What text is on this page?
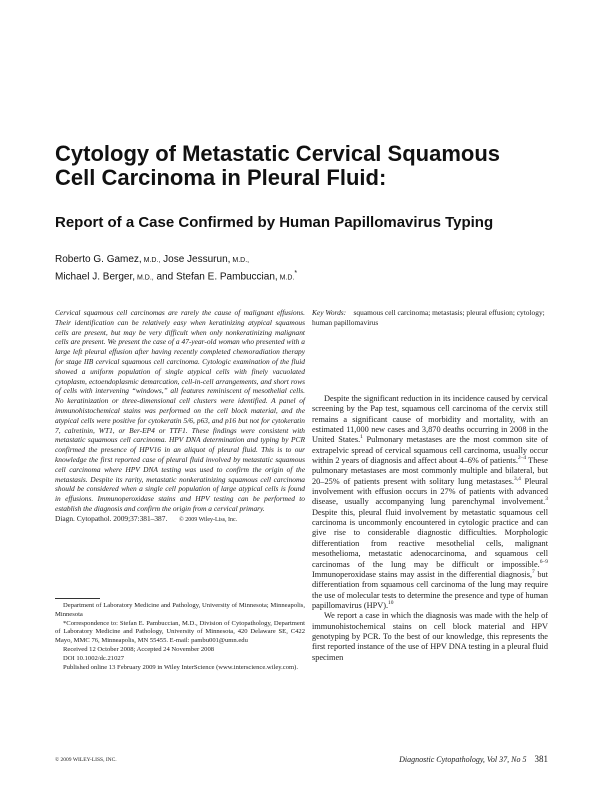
Cytology of Metastatic Cervical Squamous Cell Carcinoma in Pleural Fluid:
Report of a Case Confirmed by Human Papillomavirus Typing
Roberto G. Gamez, M.D., Jose Jessurun, M.D.,
Michael J. Berger, M.D., and Stefan E. Pambuccian, M.D.*
Cervical squamous cell carcinomas are rarely the cause of malignant effusions. Their identification can be relatively easy when keratinizing atypical squamous cells are present, but may be very difficult when only nonkeratinizing malignant cells are present. We present the case of a 47-year-old woman who presented with a large left pleural effusion after having recently completed chemoradiation therapy for stage IIB cervical squamous cell carcinoma. Cytologic examination of the fluid showed a uniform population of single atypical cells with finely vacuolated cytoplasm, ectoendoplasmic demarcation, cell-in-cell arrangements, and short rows of cells with intervening “windows,” all features reminiscent of mesothelial cells. No keratinization or three-dimensional cell clusters were identified. A panel of immunohistochemical stains was performed on the cell block material, and the atypical cells were positive for cytokeratin 5/6, p63, and p16 but not for cytokeratin 7, calretinin, WT1, or Ber-EP4 or TTF1. These findings were consistent with metastatic squamous cell carcinoma. HPV DNA determination and typing by PCR confirmed the presence of HPV16 in an aliquot of pleural fluid. This is to our knowledge the first reported case of pleural fluid involved by metastatic squamous cell carcinoma where HPV DNA testing was used to confirm the origin of the metastasis. Despite its rarity, metastatic nonkeratinizing squamous cell carcinoma should be considered when a single cell population of large atypical cells is found in effusions. Immunoperoxidase stains and HPV testing can be performed to establish the diagnosis and confirm the origin from a cervical primary.
Diagn. Cytopathol. 2009;37:381–387. © 2009 Wiley-Liss, Inc.
Key Words: squamous cell carcinoma; metastasis; pleural effusion; cytology; human papillomavirus

Despite the significant reduction in its incidence caused by cervical screening by the Pap test, squamous cell carcinoma of the cervix still remains a significant cause of morbidity and mortality, with an estimated 11,000 new cases and 3,870 deaths occurring in 2008 in the United States.$^1$ Pulmonary metastases are the most common site of extrapelvic spread of cervical squamous cell carcinoma, usually occur within 2 years of diagnosis and affect about 4–6% of patients.$^{2-4}$ These pulmonary metastases are most commonly multiple and bilateral, but 20–25% of patients present with solitary lung metastases.$^{3,4}$ Pleural involvement with effusion occurs in 27% of patients with advanced disease, usually accompanying lung parenchymal involvement.$^3$ Despite this, pleural fluid involvement by metastatic squamous cell carcinoma is uncommonly encountered in cytologic practice and can give rise to considerable diagnostic difficulties. Morphologic differentiation from reactive mesothelial cells, malignant mesothelioma, metastatic adenocarcinoma, and squamous cell carcinomas of the lung may be difficult or impossible.$^{6-9}$ Immunoperoxidase stains may assist in the differential diagnosis,$^7$ but differentiation from squamous cell carcinoma of the lung may require the use of molecular tests to determine the presence and type of human papillomavirus (HPV).$^{10}$

We report a case in which the diagnosis was made with the help of immunohistochemical stains on cell block material and HPV genotyping by PCR. To the best of our knowledge, this represents the first reported instance of the use of HPV DNA testing in a pleural fluid specimen

Department of Laboratory Medicine and Pathology, University of Minnesota; Minneapolis, Minnesota

*Correspondence to: Stefan E. Pambuccian, M.D., Division of Cytopathology, Department of Laboratory Medicine and Pathology, University of Minnesota, 420 Delaware SE, C422 Mayo, MMC 76, Minneapolis, MN 55455. E-mail: pambu001@umn.edu

Received 12 October 2008; Accepted 24 November 2008

DOI 10.1002/dc.21027

Published online 13 February 2009 in Wiley InterScience (www.interscience.wiley.com).

© 2009 WILEY-LISS, INC.	Diagnostic Cytopathology, Vol 37, No 5 381
